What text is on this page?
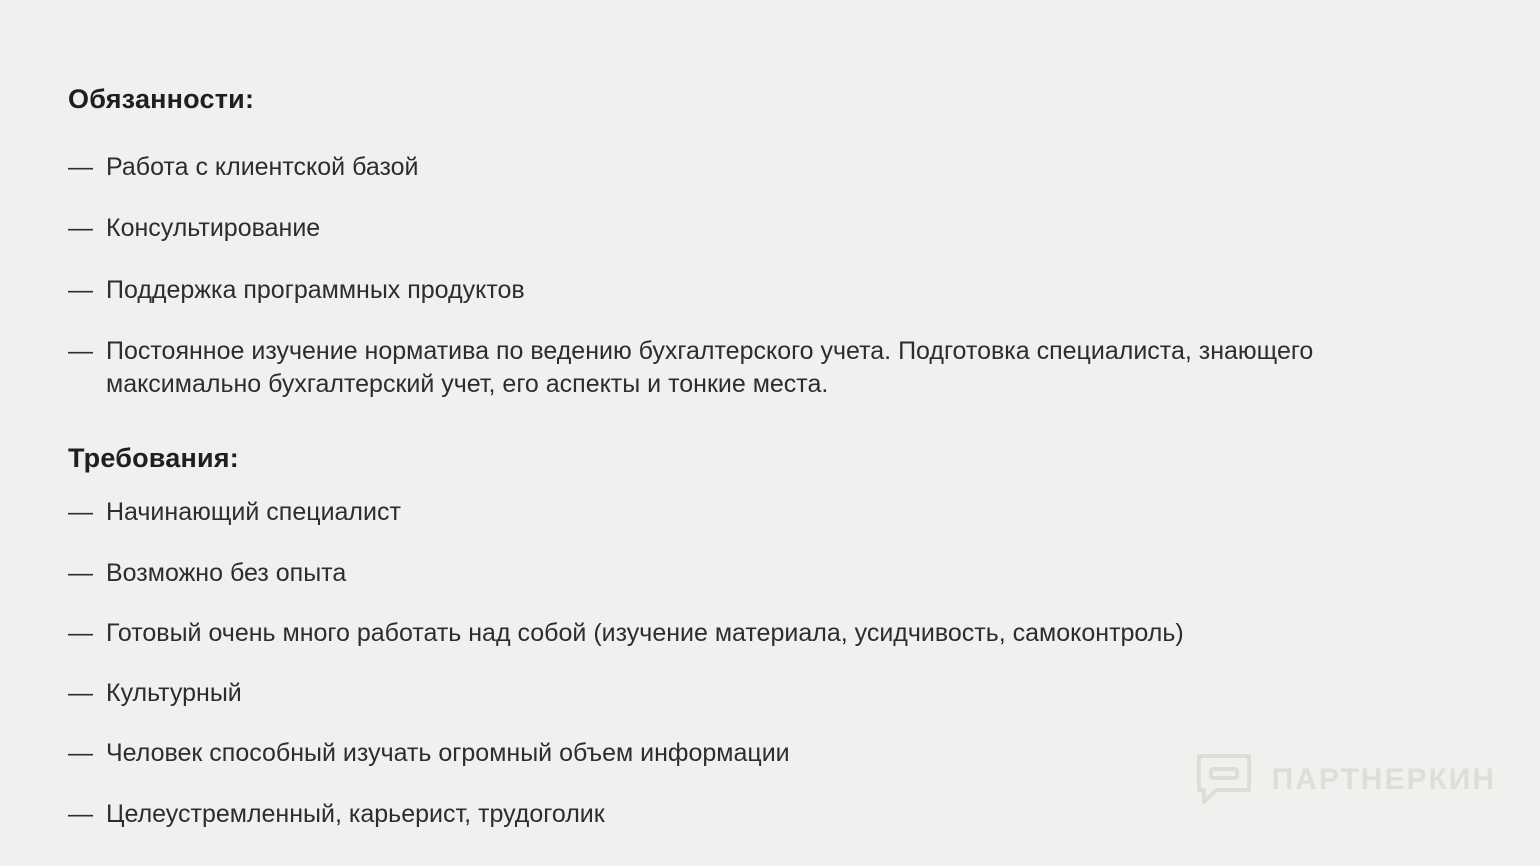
Обязанности:
— Работа с клиентской базой
— Консультирование
— Поддержка программных продуктов
— Постоянное изучение норматива по ведению бухгалтерского учета. Подготовка специалиста, знающего максимально бухгалтерский учет, его аспекты и тонкие места.
Требования:
— Начинающий специалист
— Возможно без опыта
— Готовый очень много работать над собой (изучение материала, усидчивость, самоконтроль)
— Культурный
— Человек способный изучать огромный объем информации
— Целеустремленный, карьерист, трудоголик
ПАРТНЕРКИН
